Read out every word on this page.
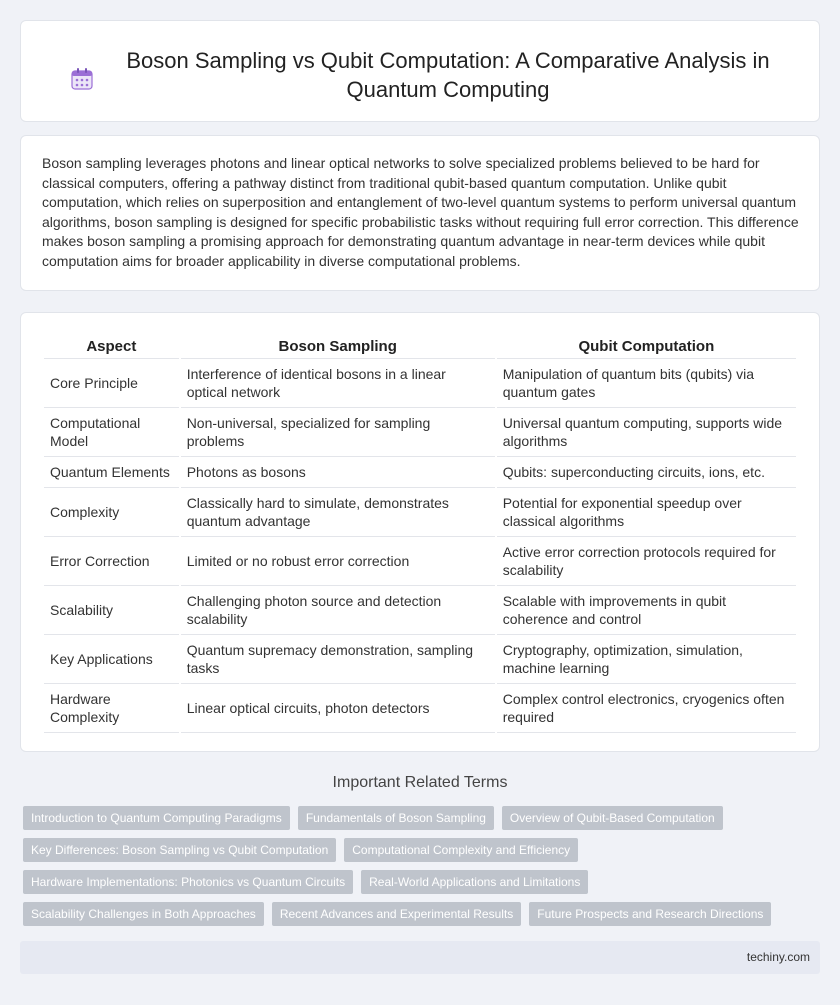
Boson Sampling vs Qubit Computation: A Comparative Analysis in Quantum Computing

Boson sampling leverages photons and linear optical networks to solve specialized problems believed to be hard for classical computers, offering a pathway distinct from traditional qubit-based quantum computation. Unlike qubit computation, which relies on superposition and entanglement of two-level quantum systems to perform universal quantum algorithms, boson sampling is designed for specific probabilistic tasks without requiring full error correction. This difference makes boson sampling a promising approach for demonstrating quantum advantage in near-term devices while qubit computation aims for broader applicability in diverse computational problems.

Aspect	Boson Sampling	Qubit Computation
Core Principle	Interference of identical bosons in a linear optical network	Manipulation of quantum bits (qubits) via quantum gates
Computational Model	Non-universal, specialized for sampling problems	Universal quantum computing, supports wide algorithms
Quantum Elements	Photons as bosons	Qubits: superconducting circuits, ions, etc.
Complexity	Classically hard to simulate, demonstrates quantum advantage	Potential for exponential speedup over classical algorithms
Error Correction	Limited or no robust error correction	Active error correction protocols required for scalability
Scalability	Challenging photon source and detection scalability	Scalable with improvements in qubit coherence and control
Key Applications	Quantum supremacy demonstration, sampling tasks	Cryptography, optimization, simulation, machine learning
Hardware Complexity	Linear optical circuits, photon detectors	Complex control electronics, cryogenics often required
Important Related Terms
Introduction to Quantum Computing Paradigms	Fundamentals of Boson Sampling	Overview of Qubit-Based Computation
Key Differences: Boson Sampling vs Qubit Computation	Computational Complexity and Efficiency
Hardware Implementations: Photonics vs Quantum Circuits	Real-World Applications and Limitations
Scalability Challenges in Both Approaches	Recent Advances and Experimental Results	Future Prospects and Research Directions
techiny.com
